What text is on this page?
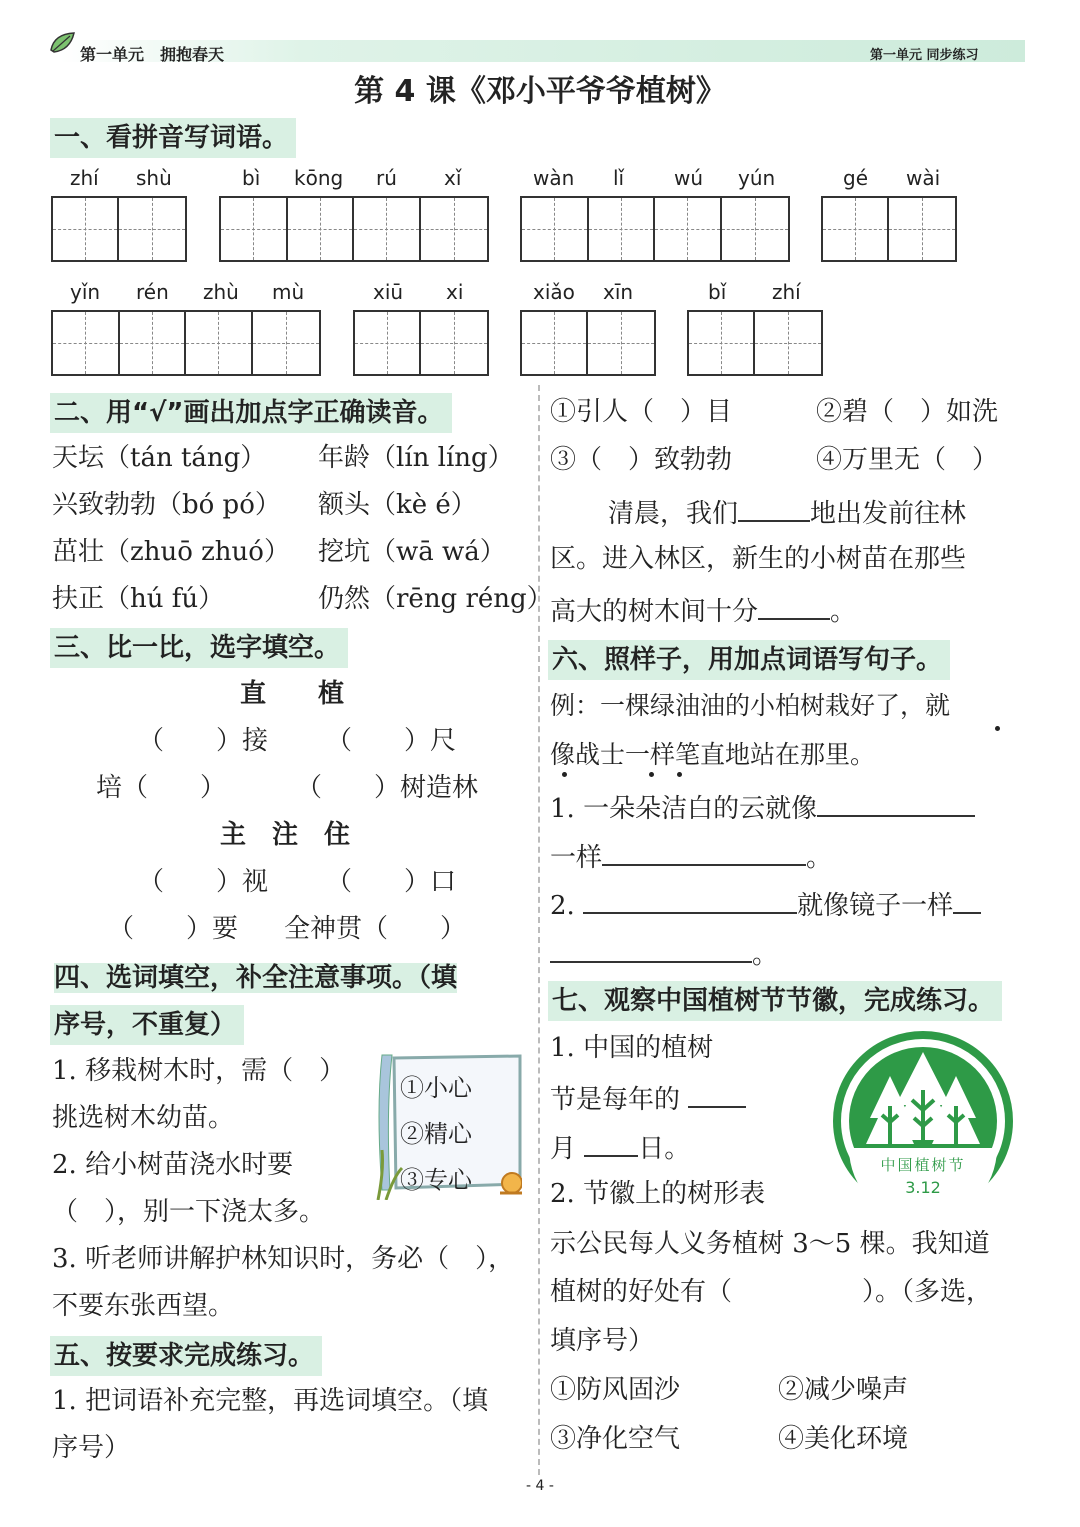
第一单元　拥抱春天	第一单元 同步练习
第 4 课《邓小平爷爷植树》
一、看拼音写词语。
zhí shù	bì kōng rú xǐ	wàn lǐ wú yún	gé wài
yǐn rén zhù mù	xiū xi	xiǎo xīn	bǐ zhí
二、用“√”画出加点字正确读音。
天坛（tán táng） 年龄（lín líng）
兴致勃勃（bó pó） 额头（kè é）
茁壮（zhuō zhuó） 挖坑（wā wá）
扶正（hú fú）	仍然（rēng réng）
三、比一比，选字填空。
直　　植
（　　）接 （　　）尺
培（　　）	（　　）树造林
主　注　住
（　　）视 （　　）口
（　　）要 全神贯（　　）
四、选词填空，补全注意事项。（填
序号，不重复）
1. 移栽树木时，需（　）
挑选树木幼苗。
2. 给小树苗浇水时要
（　），别一下浇太多。
3. 听老师讲解护林知识时，务必（　），
不要东张西望。
①小心
②精心
③专心
五、按要求完成练习。
1. 把词语补充完整，再选词填空。（填
序号）
①引人（　）目	②碧（　）如洗
③（　）致勃勃	④万里无（　）
清晨，我们	地出发前往林
区。进入林区，新生的小树苗在那些
高大的树木间十分	。
六、照样子，用加点词语写句子。
例：一棵绿油油的小柏树栽好了，就
像战士一样笔直地站在那里。
1. 一朵朵洁白的云就像
一样	。
2.	就像镜子一样
。
七、观察中国植树节节徽，完成练习。
1. 中国的植树
节是每年的
月 日。
2. 节徽上的树形表
示公民每人义务植树 3～5 棵。我知道
植树的好处有（　　　　　）。（多选，
填序号）
①防风固沙	②减少噪声
③净化空气	④美化环境
中国植树节
3.12
- 4 -
